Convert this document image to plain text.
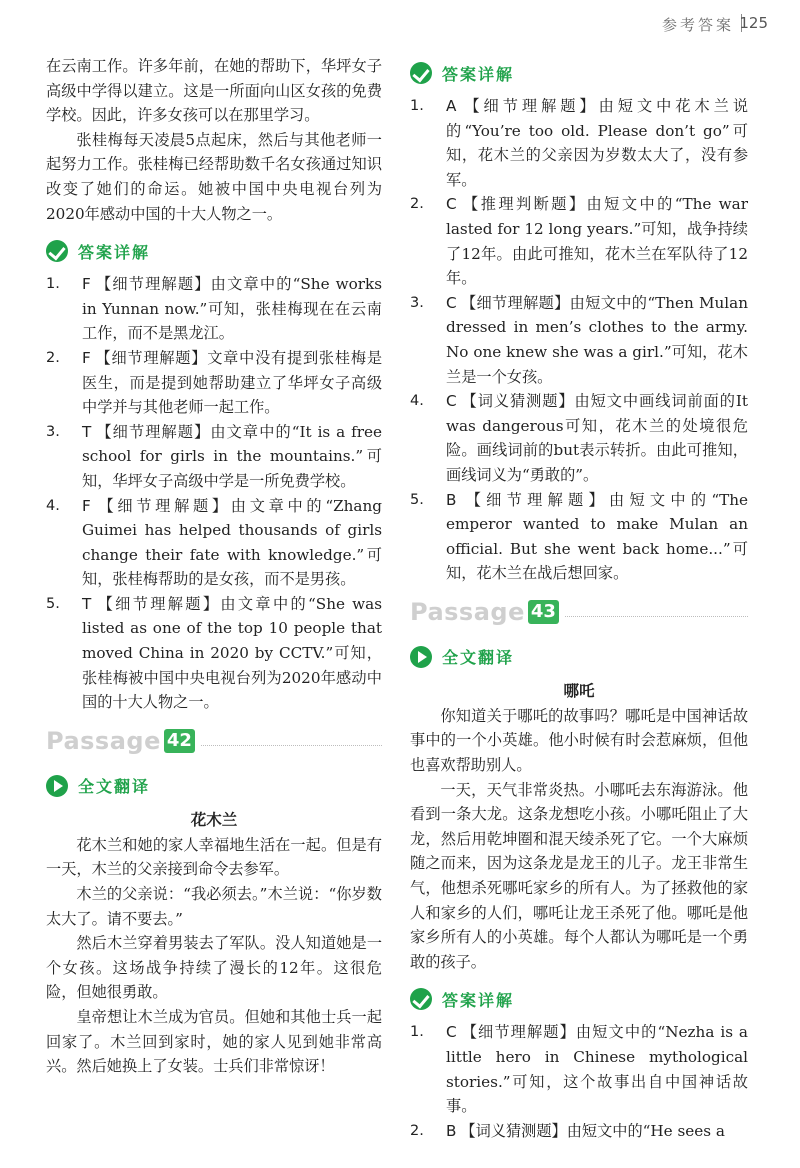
参考答案 125

在云南工作。许多年前，在她的帮助下，华坪女子高级中学得以建立。这是一所面向山区女孩的免费学校。因此，许多女孩可以在那里学习。

张桂梅每天凌晨5点起床，然后与其他老师一起努力工作。张桂梅已经帮助数千名女孩通过知识改变了她们的命运。她被中国中央电视台列为2020年感动中国的十大人物之一。

答案详解
1.	F 【细节理解题】由文章中的“She works in Yunnan now.”可知，张桂梅现在在云南工作，而不是黑龙江。
2.	F 【细节理解题】文章中没有提到张桂梅是医生，而是提到她帮助建立了华坪女子高级中学并与其他老师一起工作。
3.	T 【细节理解题】由文章中的“It is a free school for girls in the mountains.”可知，华坪女子高级中学是一所免费学校。
4.	F 【细节理解题】由文章中的“Zhang Guimei has helped thousands of girls change their fate with knowledge.”可知，张桂梅帮助的是女孩，而不是男孩。
5.	T 【细节理解题】由文章中的“She was listed as one of the top 10 people that moved China in 2020 by CCTV.”可知，张桂梅被中国中央电视台列为2020年感动中国的十大人物之一。
Passage 42
全文翻译
花木兰

花木兰和她的家人幸福地生活在一起。但是有一天，木兰的父亲接到命令去参军。

木兰的父亲说：“我必须去。”木兰说：“你岁数太大了。请不要去。”

然后木兰穿着男装去了军队。没人知道她是一个女孩。这场战争持续了漫长的12年。这很危险，但她很勇敢。

皇帝想让木兰成为官员。但她和其他士兵一起回家了。木兰回到家时，她的家人见到她非常高兴。然后她换上了女装。士兵们非常惊讶！

答案详解
1.	A 【细节理解题】由短文中花木兰说的“You’re too old. Please don’t go”可知，花木兰的父亲因为岁数太大了，没有参军。
2.	C 【推理判断题】由短文中的“The war lasted for 12 long years.”可知，战争持续了12年。由此可推知，花木兰在军队待了12年。
3.	C 【细节理解题】由短文中的“Then Mulan dressed in men’s clothes to the army. No one knew she was a girl.”可知，花木兰是一个女孩。
4.	C 【词义猜测题】由短文中画线词前面的It was dangerous可知，花木兰的处境很危险。画线词前的but表示转折。由此可推知，画线词义为“勇敢的”。
5.	B 【细节理解题】由短文中的“The emperor wanted to make Mulan an official. But she went back home...”可知，花木兰在战后想回家。
Passage 43
全文翻译
哪吒

你知道关于哪吒的故事吗？哪吒是中国神话故事中的一个小英雄。他小时候有时会惹麻烦，但他也喜欢帮助别人。

一天，天气非常炎热。小哪吒去东海游泳。他看到一条大龙。这条龙想吃小孩。小哪吒阻止了大龙，然后用乾坤圈和混天绫杀死了它。一个大麻烦随之而来，因为这条龙是龙王的儿子。龙王非常生气，他想杀死哪吒家乡的所有人。为了拯救他的家人和家乡的人们，哪吒让龙王杀死了他。哪吒是他家乡所有人的小英雄。每个人都认为哪吒是一个勇敢的孩子。

答案详解
1.	C 【细节理解题】由短文中的“Nezha is a little hero in Chinese mythological stories.”可知，这个故事出自中国神话故事。
2.	B 【词义猜测题】由短文中的“He sees a
